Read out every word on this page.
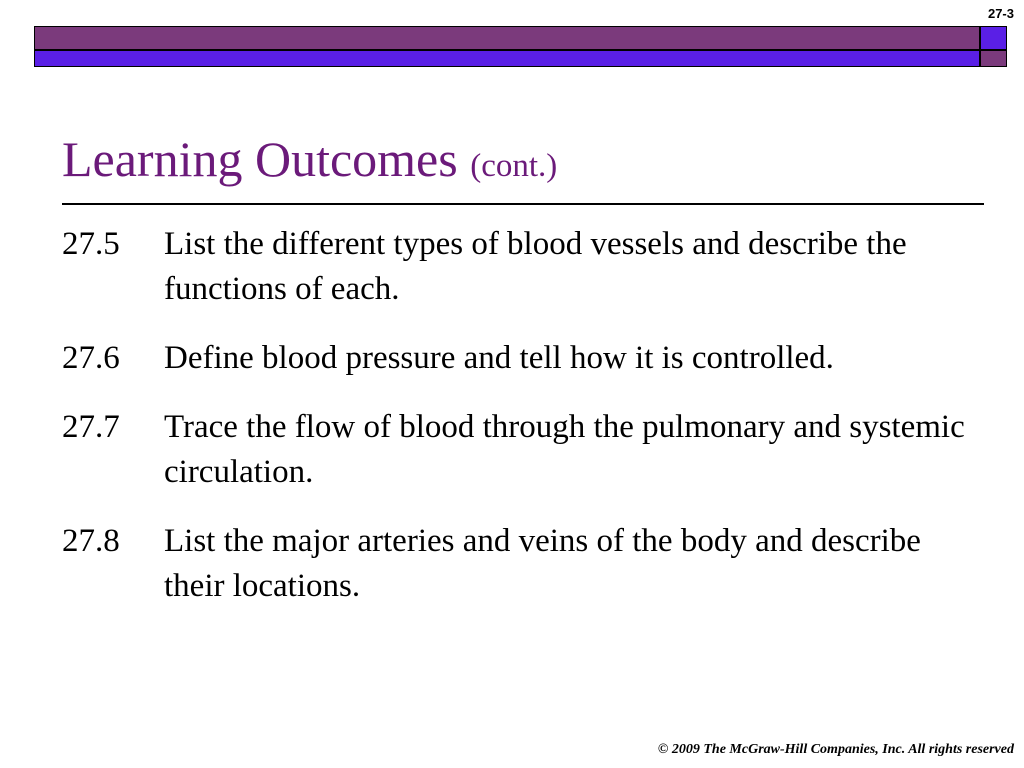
27-3
Learning Outcomes (cont.)
27.5	List the different types of blood vessels and describe the functions of each.
27.6	Define blood pressure and tell how it is controlled.
27.7	Trace the flow of blood through the pulmonary and systemic circulation.
27.8	List the major arteries and veins of the body and describe their locations.
© 2009 The McGraw-Hill Companies, Inc. All rights reserved
